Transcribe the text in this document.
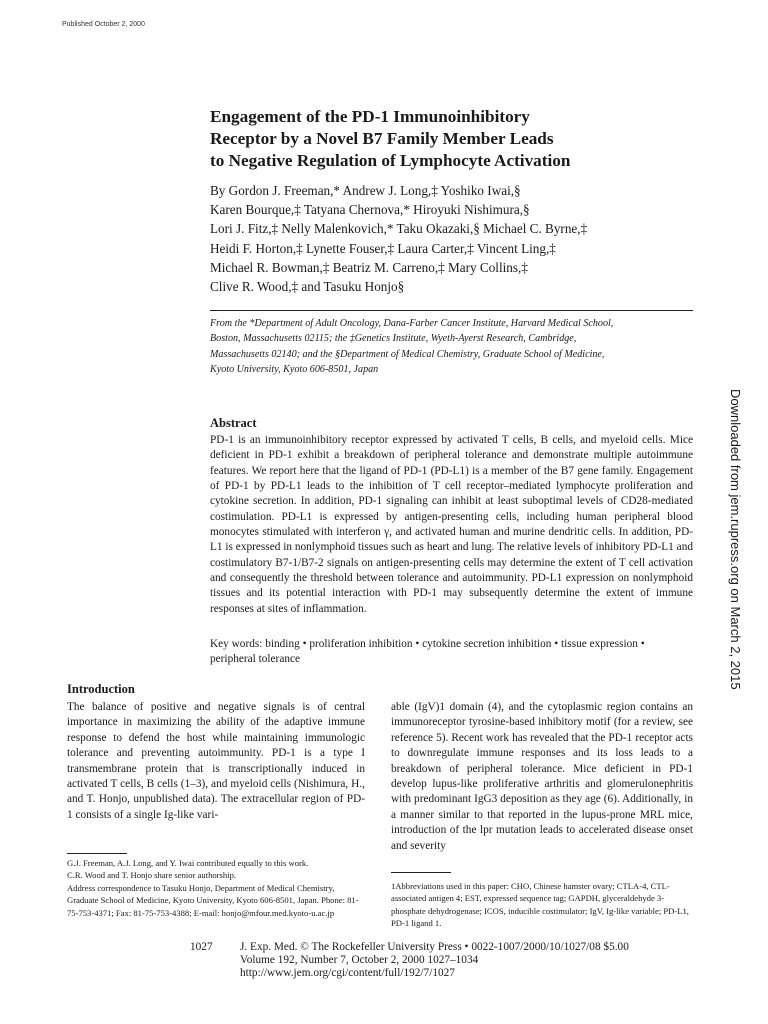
Published October 2, 2000
Engagement of the PD-1 Immunoinhibitory
Receptor by a Novel B7 Family Member Leads
to Negative Regulation of Lymphocyte Activation
By Gordon J. Freeman,* Andrew J. Long,‡ Yoshiko Iwai,§
Karen Bourque,‡ Tatyana Chernova,* Hiroyuki Nishimura,§
Lori J. Fitz,‡ Nelly Malenkovich,* Taku Okazaki,§ Michael C. Byrne,‡
Heidi F. Horton,‡ Lynette Fouser,‡ Laura Carter,‡ Vincent Ling,‡
Michael R. Bowman,‡ Beatriz M. Carreno,‡ Mary Collins,‡
Clive R. Wood,‡ and Tasuku Honjo§
From the *Department of Adult Oncology, Dana-Farber Cancer Institute, Harvard Medical School,
Boston, Massachusetts 02115; the ‡Genetics Institute, Wyeth-Ayerst Research, Cambridge,
Massachusetts 02140; and the §Department of Medical Chemistry, Graduate School of Medicine,
Kyoto University, Kyoto 606-8501, Japan
Abstract

PD-1 is an immunoinhibitory receptor expressed by activated T cells, B cells, and myeloid cells. Mice deficient in PD-1 exhibit a breakdown of peripheral tolerance and demonstrate multiple autoimmune features. We report here that the ligand of PD-1 (PD-L1) is a member of the B7 gene family. Engagement of PD-1 by PD-L1 leads to the inhibition of T cell receptor–mediated lymphocyte proliferation and cytokine secretion. In addition, PD-1 signaling can inhibit at least suboptimal levels of CD28-mediated costimulation. PD-L1 is expressed by antigen-presenting cells, including human peripheral blood monocytes stimulated with interferon γ, and activated human and murine dendritic cells. In addition, PD-L1 is expressed in nonlymphoid tissues such as heart and lung. The relative levels of inhibitory PD-L1 and costimulatory B7-1/B7-2 signals on antigen-presenting cells may determine the extent of T cell activation and consequently the threshold between tolerance and autoimmunity. PD-L1 expression on nonlymphoid tissues and its potential interaction with PD-1 may subsequently determine the extent of immune responses at sites of inflammation.

Key words: binding • proliferation inhibition • cytokine secretion inhibition • tissue expression • peripheral tolerance
Introduction

The balance of positive and negative signals is of central importance in maximizing the ability of the adaptive immune response to defend the host while maintaining immunologic tolerance and preventing autoimmunity. PD-1 is a type I transmembrane protein that is transcriptionally induced in activated T cells, B cells (1–3), and myeloid cells (Nishimura, H., and T. Honjo, unpublished data). The extracellular region of PD-1 consists of a single Ig-like vari-

able (IgV)1 domain (4), and the cytoplasmic region contains an immunoreceptor tyrosine-based inhibitory motif (for a review, see reference 5). Recent work has revealed that the PD-1 receptor acts to downregulate immune responses and its loss leads to a breakdown of peripheral tolerance. Mice deficient in PD-1 develop lupus-like proliferative arthritis and glomerulonephritis with predominant IgG3 deposition as they age (6). Additionally, in a manner similar to that reported in the lupus-prone MRL mice, introduction of the lpr mutation leads to accelerated disease onset and severity

G.J. Freeman, A.J. Long, and Y. Iwai contributed equally to this work.
C.R. Wood and T. Honjo share senior authorship.
Address correspondence to Tasuku Honjo, Department of Medical Chemistry, Graduate School of Medicine, Kyoto University, Kyoto 606-8501, Japan. Phone: 81-75-753-4371; Fax: 81-75-753-4388; E-mail: honjo@mfour.med.kyoto-u.ac.jp

1Abbreviations used in this paper: CHO, Chinese hamster ovary; CTLA-4, CTL-associated antigen 4; EST, expressed sequence tag; GAPDH, glyceraldehyde 3-phosphate dehydrogenase; ICOS, inducible costimulator; IgV, Ig-like variable; PD-L1, PD-1 ligand 1.

1027 J. Exp. Med. © The Rockefeller University Press • 0022-1007/2000/10/1027/08 $5.00
Volume 192, Number 7, October 2, 2000 1027–1034
http://www.jem.org/cgi/content/full/192/7/1027
Downloaded from jem.rupress.org on March 2, 2015
